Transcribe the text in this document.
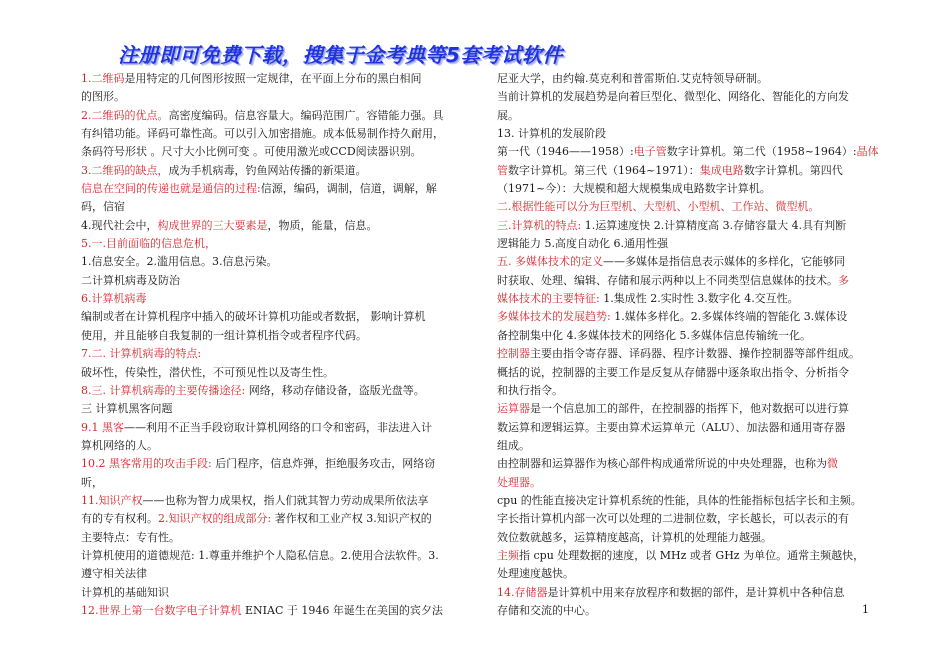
注册即可免费下载，搜集于金考典等5套考试软件
1.二维码是用特定的几何图形按照一定规律，在平面上分布的黑白相间
的图形。
2.二维码的优点。高密度编码。信息容量大。编码范围广。容错能力强。具
有纠错功能。译码可靠性高。可以引入加密措施。成本低易制作持久耐用，
条码符号形状 。尺寸大小比例可变 。可使用激光或CCD阅读器识别。
3.二维码的缺点，成为手机病毒，钓鱼网站传播的新渠道。
信息在空间的传递也就是通信的过程:信源，编码，调制，信道，调解，解
码，信宿
4.现代社会中，构成世界的三大要素是，物质，能量，信息。
5.一.目前面临的信息危机，
1.信息安全。2.滥用信息。3.信息污染。
二计算机病毒及防治
6.计算机病毒
编制或者在计算机程序中插入的破坏计算机功能或者数据， 影响计算机
使用，并且能够自我复制的一组计算机指令或者程序代码。
7.二. 计算机病毒的特点:
破坏性，传染性，潜伏性，不可预见性以及寄生性。
8.三. 计算机病毒的主要传播途径: 网络，移动存储设备，盗版光盘等。
三 计算机黑客问题
9.1 黑客——利用不正当手段窃取计算机网络的口令和密码，非法进入计
算机网络的人。
10.2 黑客常用的攻击手段: 后门程序，信息炸弹，拒绝服务攻击，网络窃
听，
11.知识产权——也称为智力成果权，指人们就其智力劳动成果所依法享
有的专有权利。2.知识产权的组成部分: 著作权和工业产权 3.知识产权的
主要特点：专有性。
计算机使用的道德规范: 1.尊重并维护个人隐私信息。2.使用合法软件。3.
遵守相关法律
计算机的基础知识
12.世界上第一台数字电子计算机 ENIAC 于 1946 年诞生在美国的宾夕法
尼亚大学，由约翰.莫克利和普雷斯伯.艾克特领导研制。
当前计算机的发展趋势是向着巨型化、微型化、网络化、智能化的方向发
展。
13. 计算机的发展阶段
第一代（1946——1958）:电子管数字计算机。第二代（1958~1964）:晶体
管数字计算机。第三代（1964~1971）：集成电路数字计算机。第四代
（1971~今）：大规模和超大规模集成电路数字计算机。
二.根据性能可以分为巨型机、大型机、小型机、工作站、微型机。
三.计算机的特点: 1.运算速度快 2.计算精度高 3.存储容量大 4.具有判断
逻辑能力 5.高度自动化 6.通用性强
五. 多媒体技术的定义——多媒体是指信息表示媒体的多样化，它能够同
时获取、处理、编辑、存储和展示两种以上不同类型信息媒体的技术。多
媒体技术的主要特征: 1.集成性 2.实时性 3.数字化 4.交互性。
多媒体技术的发展趋势: 1.媒体多样化。2.多媒体终端的智能化 3.媒体设
备控制集中化 4.多媒体技术的网络化 5.多媒体信息传输统一化。
控制器主要由指令寄存器、译码器、程序计数器、操作控制器等部件组成。
概括的说，控制器的主要工作是反复从存储器中逐条取出指令、分析指令
和执行指令。
运算器是一个信息加工的部件，在控制器的指挥下，他对数据可以进行算
数运算和逻辑运算。主要由算术运算单元（ALU）、加法器和通用寄存器
组成。
由控制器和运算器作为核心部件构成通常所说的中央处理器，也称为微
处理器。
cpu 的性能直接决定计算机系统的性能，具体的性能指标包括字长和主频。
字长指计算机内部一次可以处理的二进制位数，字长越长，可以表示的有
效位数就越多，运算精度越高，计算机的处理能力越强。
主频指 cpu 处理数据的速度，以 MHz 或者 GHz 为单位。通常主频越快，
处理速度越快。
14.存储器是计算机中用来存放程序和数据的部件，是计算机中各种信息
存储和交流的中心。	1
